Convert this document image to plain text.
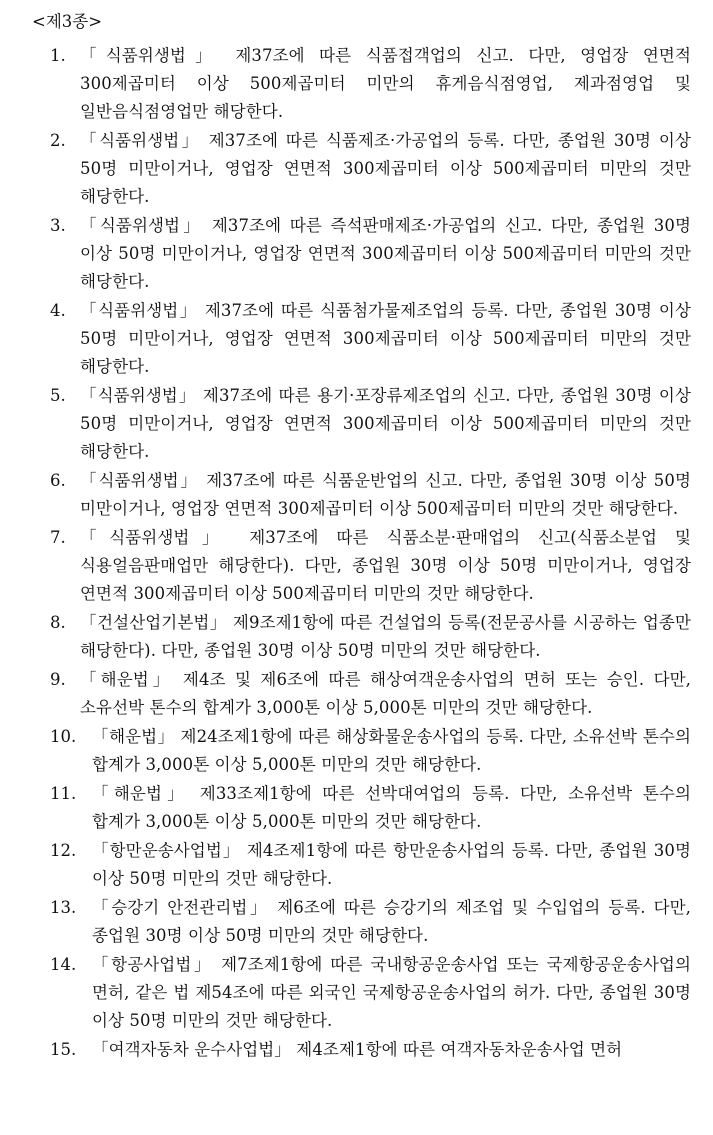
<제3종>
1. 「식품위생법」 제37조에 따른 식품접객업의 신고. 다만, 영업장 연면적 300제곱미터 이상 500제곱미터 미만의 휴게음식점영업, 제과점영업 및 일반음식점영업만 해당한다.
2. 「식품위생법」 제37조에 따른 식품제조·가공업의 등록. 다만, 종업원 30명 이상 50명 미만이거나, 영업장 연면적 300제곱미터 이상 500제곱미터 미만의 것만 해당한다.
3. 「식품위생법」 제37조에 따른 즉석판매제조·가공업의 신고. 다만, 종업원 30명 이상 50명 미만이거나, 영업장 연면적 300제곱미터 이상 500제곱미터 미만의 것만 해당한다.
4. 「식품위생법」 제37조에 따른 식품첨가물제조업의 등록. 다만, 종업원 30명 이상 50명 미만이거나, 영업장 연면적 300제곱미터 이상 500제곱미터 미만의 것만 해당한다.
5. 「식품위생법」 제37조에 따른 용기·포장류제조업의 신고. 다만, 종업원 30명 이상 50명 미만이거나, 영업장 연면적 300제곱미터 이상 500제곱미터 미만의 것만 해당한다.
6. 「식품위생법」 제37조에 따른 식품운반업의 신고. 다만, 종업원 30명 이상 50명 미만이거나, 영업장 연면적 300제곱미터 이상 500제곱미터 미만의 것만 해당한다.
7. 「식품위생법」 제37조에 따른 식품소분·판매업의 신고(식품소분업 및 식용얼음판매업만 해당한다). 다만, 종업원 30명 이상 50명 미만이거나, 영업장 연면적 300제곱미터 이상 500제곱미터 미만의 것만 해당한다.
8. 「건설산업기본법」 제9조제1항에 따른 건설업의 등록(전문공사를 시공하는 업종만 해당한다). 다만, 종업원 30명 이상 50명 미만의 것만 해당한다.
9. 「해운법」 제4조 및 제6조에 따른 해상여객운송사업의 면허 또는 승인. 다만, 소유선박 톤수의 합계가 3,000톤 이상 5,000톤 미만의 것만 해당한다.
10. 「해운법」 제24조제1항에 따른 해상화물운송사업의 등록. 다만, 소유선박 톤수의 합계가 3,000톤 이상 5,000톤 미만의 것만 해당한다.
11. 「해운법」 제33조제1항에 따른 선박대여업의 등록. 다만, 소유선박 톤수의 합계가 3,000톤 이상 5,000톤 미만의 것만 해당한다.
12. 「항만운송사업법」 제4조제1항에 따른 항만운송사업의 등록. 다만, 종업원 30명 이상 50명 미만의 것만 해당한다.
13. 「승강기 안전관리법」 제6조에 따른 승강기의 제조업 및 수입업의 등록. 다만, 종업원 30명 이상 50명 미만의 것만 해당한다.
14. 「항공사업법」 제7조제1항에 따른 국내항공운송사업 또는 국제항공운송사업의 면허, 같은 법 제54조에 따른 외국인 국제항공운송사업의 허가. 다만, 종업원 30명 이상 50명 미만의 것만 해당한다.
15. 「여객자동차 운수사업법」 제4조제1항에 따른 여객자동차운송사업 면허
